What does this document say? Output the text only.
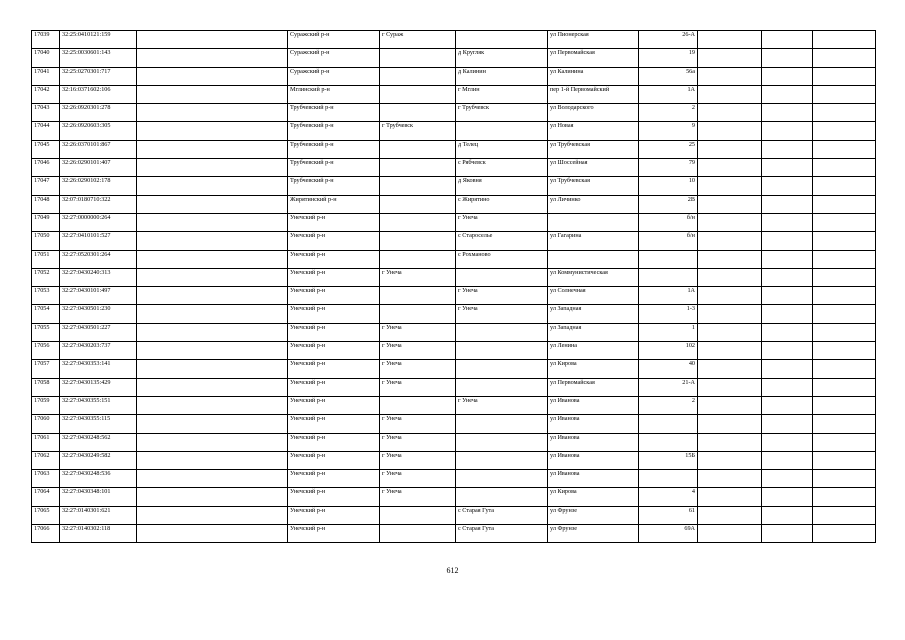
17039	32:25:0410121:159		Суражский р-н	г Сураж		ул Пионерская	26-А			
17040	32:25:0030601:143		Суражский р-н		д Кругляк	ул Первомайская	19			
17041	32:25:0270301:717		Суражский р-н		д Калинин	ул Калинина	56а			
17042	32:16:0371602:106		Мглинский р-н		г Мглин	пер 1-й Первомайский	1А			
17043	32:26:0920301:278		Трубчевский р-н		г Трубчевск	ул Володарского	2			
17044	32:26:0920603:305		Трубчевский р-н	г Трубчевск		ул Новая	9			
17045	32:26:0370101:867		Трубчевский р-н		д Телец	ул Трубчевская	25			
17046	32:26:0290101:407		Трубчевский р-н		с Рябчевск	ул Шоссейная	79			
17047	32:26:0290102:178		Трубчевский р-н		д Яковня	ул Трубчевская	10			
17048	32:07:0180710:322		Жирятинский р-н		с Жирятино	ул Личинко	2В			
17049	32:27:0000000:264		Унечский р-н		г Унеча		б/н			
17050	32:27:0410101:527		Унечский р-н		с Староселье	ул Гагарина	б/н			
17051	32:27:0520301:264		Унечский р-н		с Рохманово					
17052	32:27:0430240:313		Унечский р-н	г Унеча		ул Коммунистическая				
17053	32:27:0430101:497		Унечский р-н		г Унеча	ул Солнечная	1А			
17054	32:27:0430501:230		Унечский р-н		г Унеча	ул Западная	1-3			
17055	32:27:0430501:227		Унечский р-н	г Унеча		ул Западная	1			
17056	32:27:0430203:737		Унечский р-н	г Унеча		ул Ленина	102			
17057	32:27:0430353:141		Унечский р-н	г Унеча		ул Кирова	40			
17058	32:27:0430135:429		Унечский р-н	г Унеча		ул Первомайская	21-А			
17059	32:27:0430355:151		Унечский р-н		г Унеча	ул Иванова	2			
17060	32:27:0430355:115		Унечский р-н	г Унеча		ул Иванова				
17061	32:27:0430248:562		Унечский р-н	г Унеча		ул Иванова				
17062	32:27:0430249:582		Унечский р-н	г Унеча		ул Иванова	15Б			
17063	32:27:0430248:536		Унечский р-н	г Унеча		ул Иванова				
17064	32:27:0430348:101		Унечский р-н	г Унеча		ул Кирова	4			
17065	32:27:0140301:621		Унечский р-н		с Старая Гута	ул Фрунзе	61			
17066	32:27:0140302:118		Унечский р-н		с Старая Гута	ул Фрунзе	69А			
612
